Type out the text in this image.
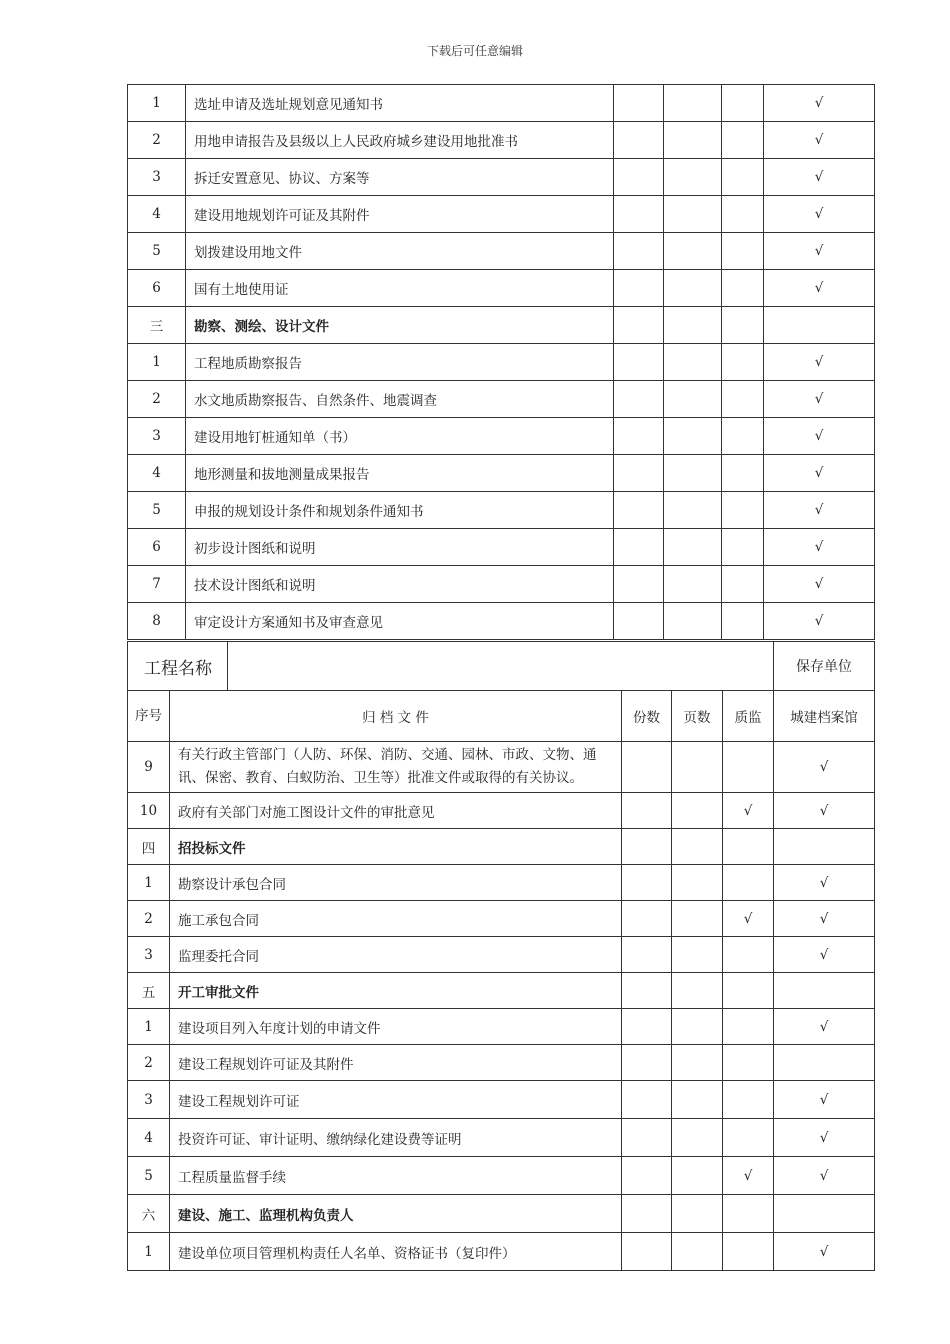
下载后可任意编辑
1	选址申请及选址规划意见通知书				√
2	用地申请报告及县级以上人民政府城乡建设用地批准书				√
3	拆迁安置意见、协议、方案等				√
4	建设用地规划许可证及其附件				√
5	划拨建设用地文件				√
6	国有土地使用证				√
三	勘察、测绘、设计文件				
1	工程地质勘察报告				√
2	水文地质勘察报告、自然条件、地震调查				√
3	建设用地钉桩通知单（书）				√
4	地形测量和拔地测量成果报告				√
5	申报的规划设计条件和规划条件通知书				√
6	初步设计图纸和说明				√
7	技术设计图纸和说明				√
8	审定设计方案通知书及审查意见				√
工程名称						保存单位
序号	归 档 文 件		份数	页数	质监	城建档案馆
9	有关行政主管部门（人防、环保、消防、交通、园林、市政、文物、通讯、保密、教育、白蚁防治、卫生等）批准文件或取得的有关协议。					√
10	政府有关部门对施工图设计文件的审批意见				√	√
四	招投标文件					
1	勘察设计承包合同					√
2	施工承包合同				√	√
3	监理委托合同					√
五	开工审批文件					
1	建设项目列入年度计划的申请文件					√
2	建设工程规划许可证及其附件					
3	建设工程规划许可证					√
4	投资许可证、审计证明、缴纳绿化建设费等证明					√
5	工程质量监督手续				√	√
六	建设、施工、监理机构负责人					
1	建设单位项目管理机构责任人名单、资格证书（复印件）					√
